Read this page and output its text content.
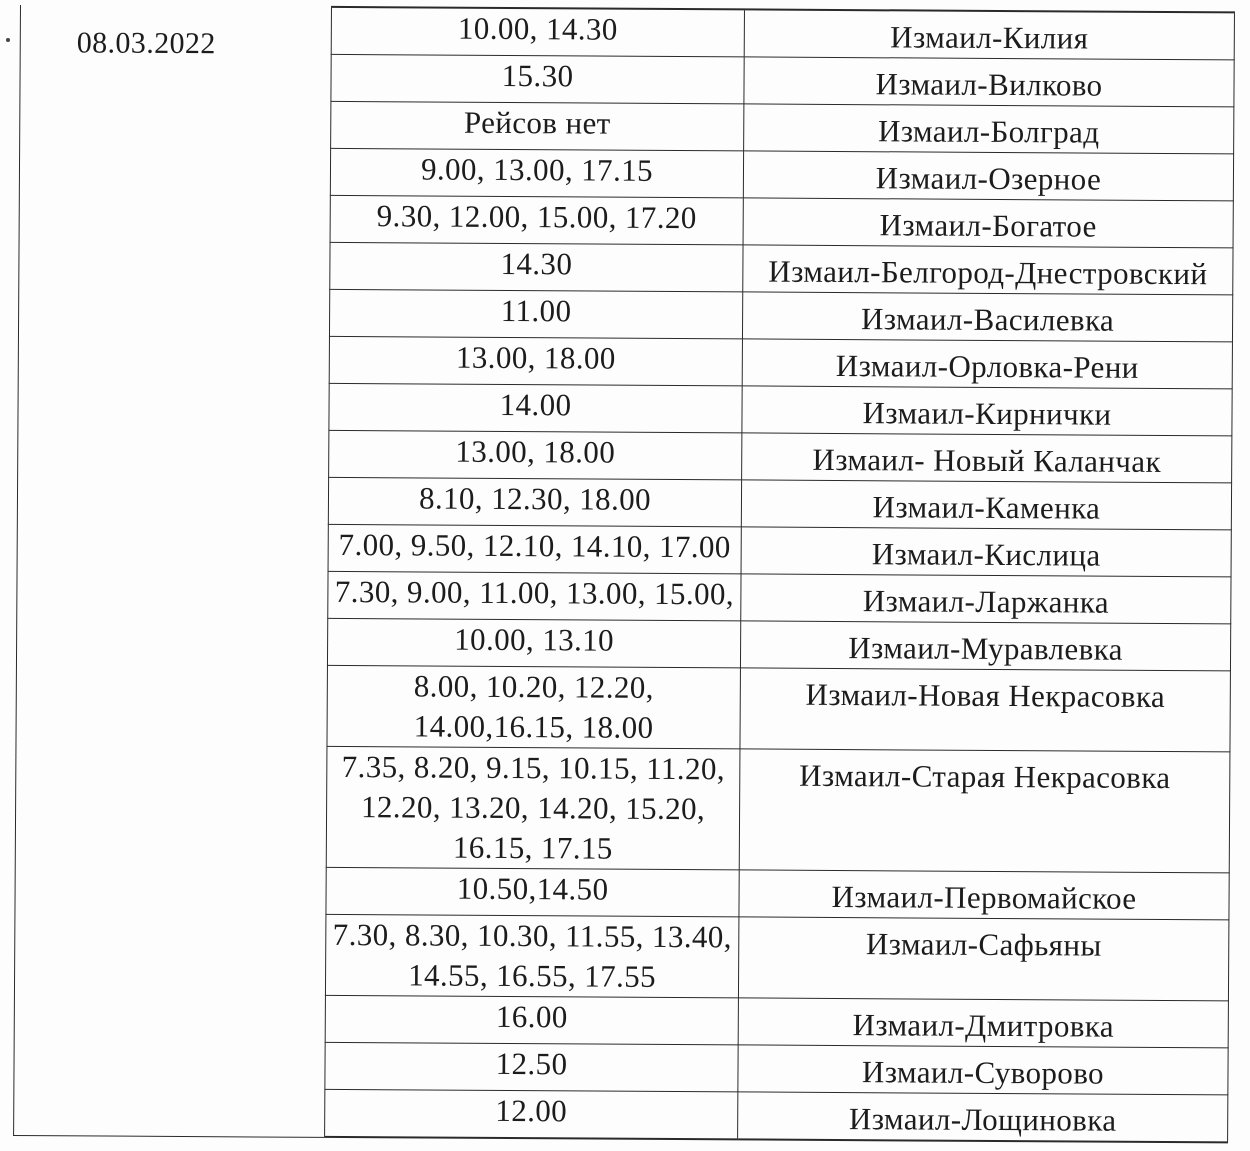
08.03.2022	10.00, 14.30	Измаил-Килия
	15.30	Измаил-Вилково
	Рейсов нет	Измаил-Болград
	9.00, 13.00, 17.15	Измаил-Озерное
	9.30, 12.00, 15.00, 17.20	Измаил-Богатое
	14.30	Измаил-Белгород-Днестровский
	11.00	Измаил-Василевка
	13.00, 18.00	Измаил-Орловка-Рени
	14.00	Измаил-Кирнички
	13.00, 18.00	Измаил- Новый Каланчак
	8.10, 12.30, 18.00	Измаил-Каменка
	7.00, 9.50, 12.10, 14.10, 17.00	Измаил-Кислица
	7.30, 9.00, 11.00, 13.00, 15.00,	Измаил-Ларжанка
	10.00, 13.10	Измаил-Муравлевка
	8.00, 10.20, 12.20, 14.00,16.15, 18.00	Измаил-Новая Некрасовка
	7.35, 8.20, 9.15, 10.15, 11.20, 12.20, 13.20, 14.20, 15.20, 16.15, 17.15	Измаил-Старая Некрасовка
	10.50,14.50	Измаил-Первомайское
	7.30, 8.30, 10.30, 11.55, 13.40, 14.55, 16.55, 17.55	Измаил-Сафьяны
	16.00	Измаил-Дмитровка
	12.50	Измаил-Суворово
	12.00	Измаил-Лощиновка
